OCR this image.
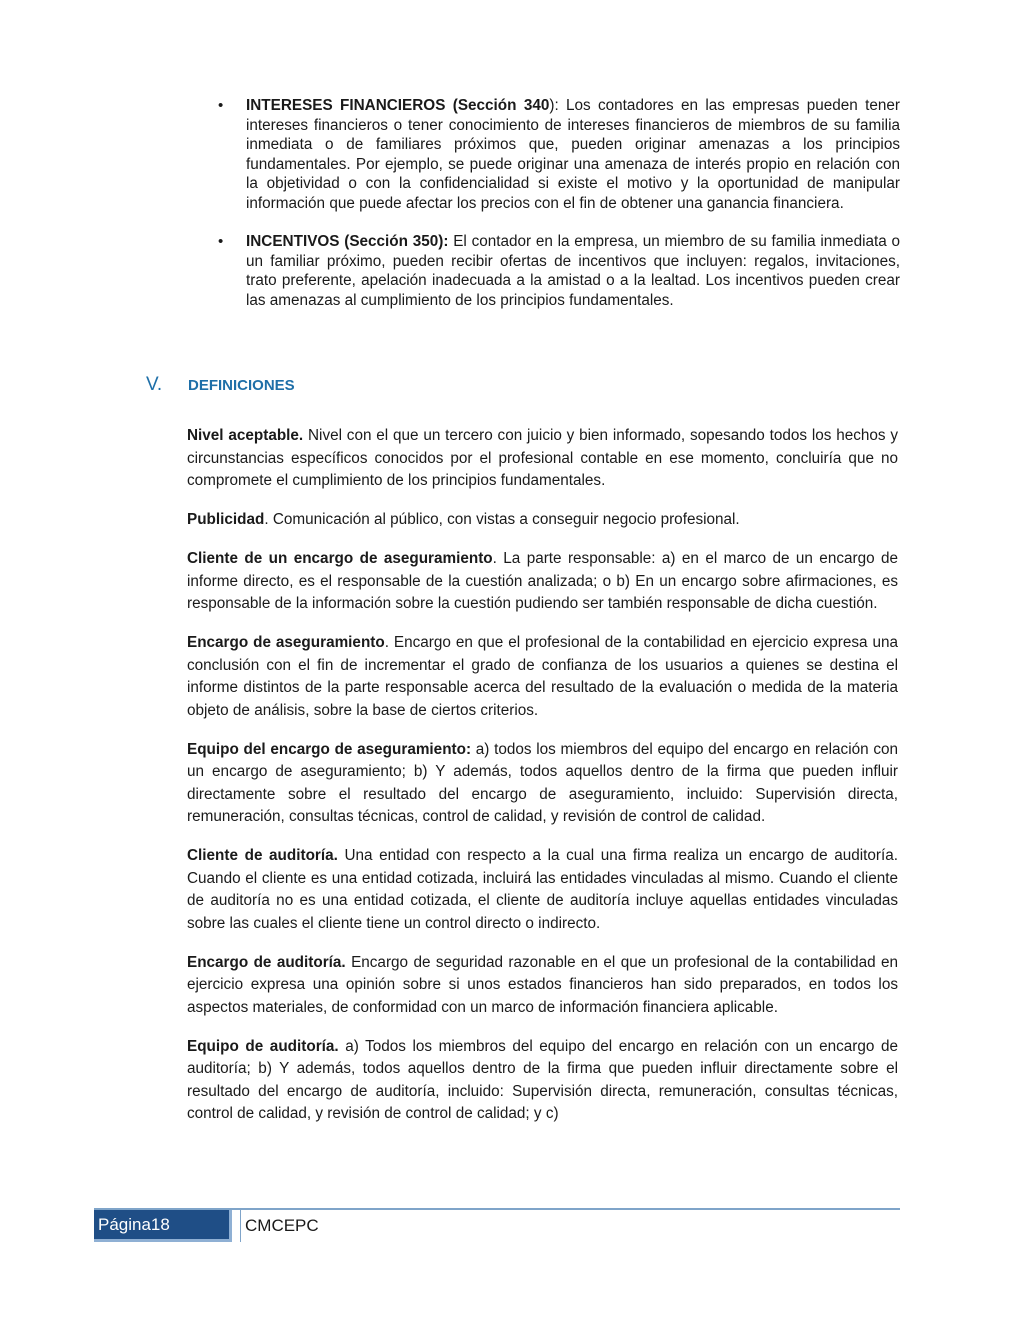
•	INTERESES FINANCIEROS (Sección 340): Los contadores en las empresas pueden tener intereses financieros o tener conocimiento de intereses financieros de miembros de su familia inmediata o de familiares próximos que, pueden originar amenazas a los principios fundamentales. Por ejemplo, se puede originar una amenaza de interés propio en relación con la objetividad o con la confidencialidad si existe el motivo y la oportunidad de manipular información que puede afectar los precios con el fin de obtener una ganancia financiera.
•	INCENTIVOS (Sección 350): El contador en la empresa, un miembro de su familia inmediata o un familiar próximo, pueden recibir ofertas de incentivos que incluyen: regalos, invitaciones, trato preferente, apelación inadecuada a la amistad o a la lealtad. Los incentivos pueden crear las amenazas al cumplimiento de los principios fundamentales.
V.	DEFINICIONES

Nivel aceptable. Nivel con el que un tercero con juicio y bien informado, sopesando todos los hechos y circunstancias específicos conocidos por el profesional contable en ese momento, concluiría que no compromete el cumplimiento de los principios fundamentales.

Publicidad. Comunicación al público, con vistas a conseguir negocio profesional.

Cliente de un encargo de aseguramiento. La parte responsable: a) en el marco de un encargo de informe directo, es el responsable de la cuestión analizada; o b) En un encargo sobre afirmaciones, es responsable de la información sobre la cuestión pudiendo ser también responsable de dicha cuestión.

Encargo de aseguramiento. Encargo en que el profesional de la contabilidad en ejercicio expresa una conclusión con el fin de incrementar el grado de confianza de los usuarios a quienes se destina el informe distintos de la parte responsable acerca del resultado de la evaluación o medida de la materia objeto de análisis, sobre la base de ciertos criterios.

Equipo del encargo de aseguramiento: a) todos los miembros del equipo del encargo en relación con un encargo de aseguramiento; b) Y además, todos aquellos dentro de la firma que pueden influir directamente sobre el resultado del encargo de aseguramiento, incluido: Supervisión directa, remuneración, consultas técnicas, control de calidad, y revisión de control de calidad.

Cliente de auditoría. Una entidad con respecto a la cual una firma realiza un encargo de auditoría. Cuando el cliente es una entidad cotizada, incluirá las entidades vinculadas al mismo. Cuando el cliente de auditoría no es una entidad cotizada, el cliente de auditoría incluye aquellas entidades vinculadas sobre las cuales el cliente tiene un control directo o indirecto.

Encargo de auditoría. Encargo de seguridad razonable en el que un profesional de la contabilidad en ejercicio expresa una opinión sobre si unos estados financieros han sido preparados, en todos los aspectos materiales, de conformidad con un marco de información financiera aplicable.

Equipo de auditoría. a) Todos los miembros del equipo del encargo en relación con un encargo de auditoría; b) Y además, todos aquellos dentro de la firma que pueden influir directamente sobre el resultado del encargo de auditoría, incluido: Supervisión directa, remuneración, consultas técnicas, control de calidad, y revisión de control de calidad; y c)

Página18	CMCEPC
